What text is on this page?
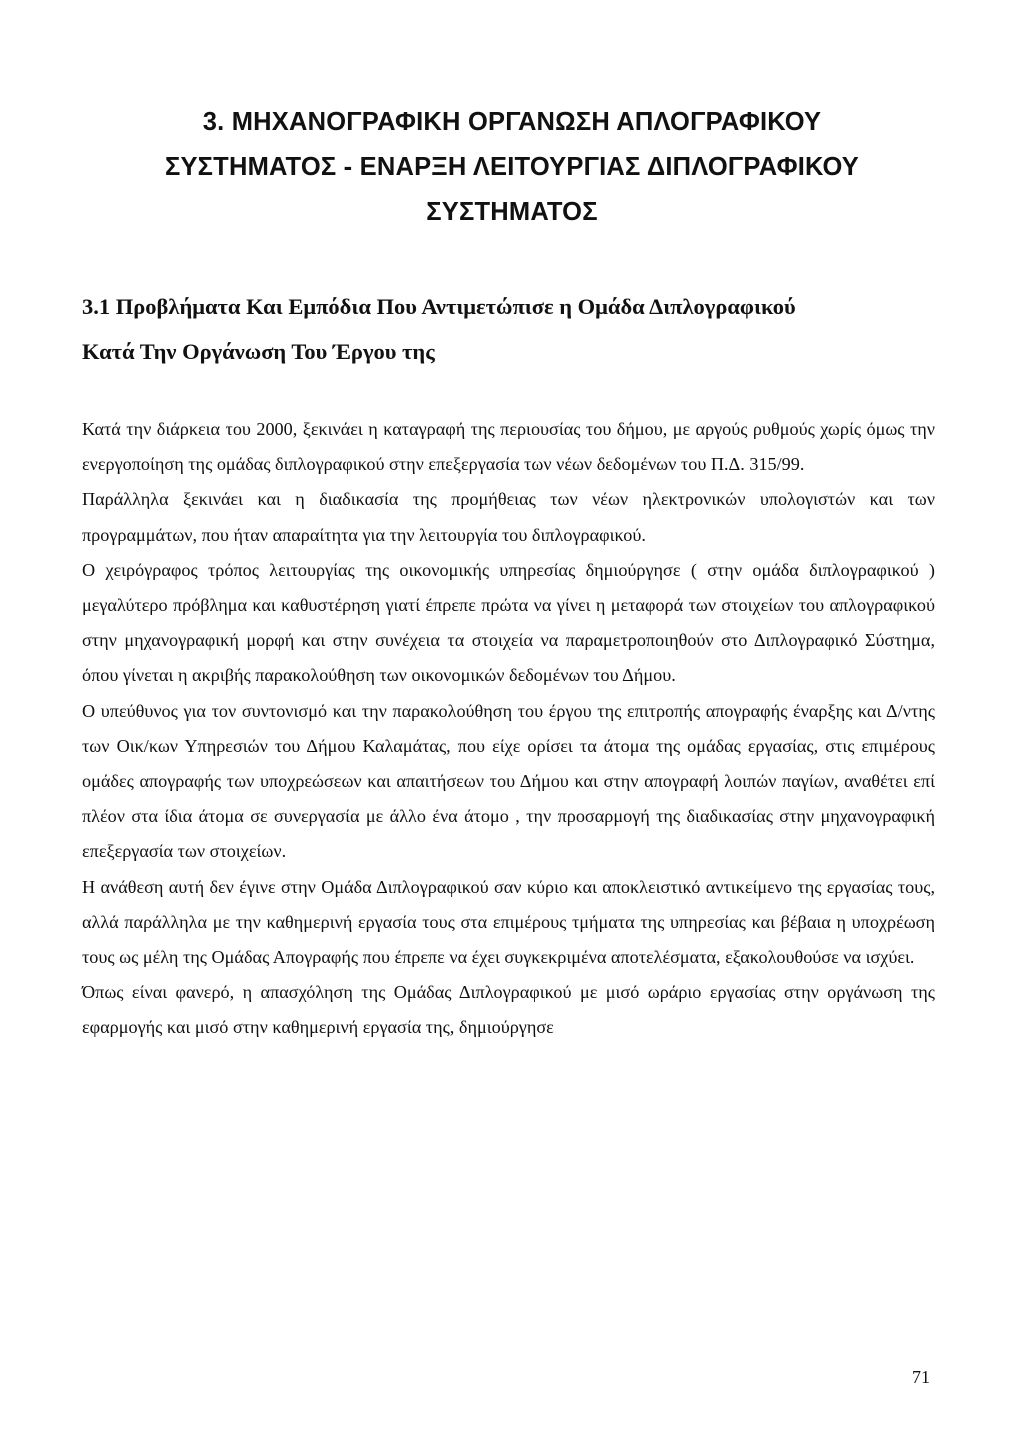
3. ΜΗΧΑΝΟΓΡΑΦΙΚΗ ΟΡΓΑΝΩΣΗ ΑΠΛΟΓΡΑΦΙΚΟΥ
ΣΥΣΤΗΜΑΤΟΣ - ΕΝΑΡΞΗ ΛΕΙΤΟΥΡΓΙΑΣ ΔΙΠΛΟΓΡΑΦΙΚΟΥ
ΣΥΣΤΗΜΑΤΟΣ
3.1 Προβλήματα Και Εμπόδια Που Αντιμετώπισε η Ομάδα Διπλογραφικού
Κατά Την Οργάνωση Του Έργου της

Κατά την διάρκεια του 2000, ξεκινάει η καταγραφή της περιουσίας του δήμου, με αργούς ρυθμούς χωρίς όμως την ενεργοποίηση της ομάδας διπλογραφικού στην επεξεργασία των νέων δεδομένων του Π.Δ. 315/99.

Παράλληλα ξεκινάει και η διαδικασία της προμήθειας των νέων ηλεκτρονικών υπολογιστών και των προγραμμάτων, που ήταν απαραίτητα για την λειτουργία του διπλογραφικού.

Ο χειρόγραφος τρόπος λειτουργίας της οικονομικής υπηρεσίας δημιούργησε ( στην ομάδα διπλογραφικού ) μεγαλύτερο πρόβλημα και καθυστέρηση γιατί έπρεπε πρώτα να γίνει η μεταφορά των στοιχείων του απλογραφικού στην μηχανογραφική μορφή και στην συνέχεια τα στοιχεία να παραμετροποιηθούν στο Διπλογραφικό Σύστημα, όπου γίνεται η ακριβής παρακολούθηση των οικονομικών δεδομένων του Δήμου.

Ο υπεύθυνος για τον συντονισμό και την παρακολούθηση του έργου της επιτροπής απογραφής έναρξης και Δ/ντης των Οικ/κων Υπηρεσιών του Δήμου Καλαμάτας, που είχε ορίσει τα άτομα της ομάδας εργασίας, στις επιμέρους ομάδες απογραφής των υποχρεώσεων και απαιτήσεων του Δήμου και στην απογραφή λοιπών παγίων, αναθέτει επί πλέον στα ίδια άτομα σε συνεργασία με άλλο ένα άτομο , την προσαρμογή της διαδικασίας στην μηχανογραφική επεξεργασία των στοιχείων.

Η ανάθεση αυτή δεν έγινε στην Ομάδα Διπλογραφικού σαν κύριο και αποκλειστικό αντικείμενο της εργασίας τους, αλλά παράλληλα με την καθημερινή εργασία τους στα επιμέρους τμήματα της υπηρεσίας και βέβαια η υποχρέωση τους ως μέλη της Ομάδας Απογραφής που έπρεπε να έχει συγκεκριμένα αποτελέσματα, εξακολουθούσε να ισχύει.

Όπως είναι φανερό, η απασχόληση της Ομάδας Διπλογραφικού με μισό ωράριο εργασίας στην οργάνωση της εφαρμογής και μισό στην καθημερινή εργασία της, δημιούργησε

71
